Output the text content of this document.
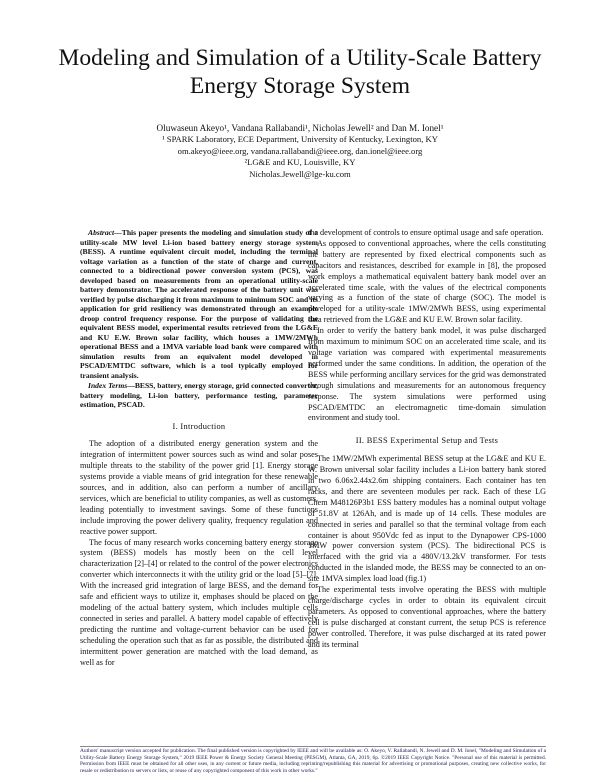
Modeling and Simulation of a Utility-Scale Battery Energy Storage System
Oluwaseun Akeyo¹, Vandana Rallabandi¹, Nicholas Jewell² and Dan M. Ionel¹
¹ SPARK Laboratory, ECE Department, University of Kentucky, Lexington, KY
om.akeyo@ieee.org, vandana.rallabandi@ieee.org, dan.ionel@ieee.org
²LG&E and KU, Louisville, KY
Nicholas.Jewell@lge-ku.com

Abstract—This paper presents the modeling and simulation study of a utility-scale MW level Li-ion based battery energy storage system (BESS). A runtime equivalent circuit model, including the terminal voltage variation as a function of the state of charge and current, connected to a bidirectional power conversion system (PCS), was developed based on measurements from an operational utility-scale battery demonstrator. The accelerated response of the battery unit was verified by pulse discharging it from maximum to minimum SOC and its application for grid resiliency was demonstrated through an example droop control frequency response. For the purpose of validating the equivalent BESS model, experimental results retrieved from the LG&E and KU E.W. Brown solar facility, which houses a 1MW/2MWh operational BESS and a 1MVA variable load bank were compared with simulation results from an equivalent model developed in PSCAD/EMTDC software, which is a tool typically employed for transient analysis.

Index Terms—BESS, battery, energy storage, grid connected converter, battery modeling, Li-ion battery, performance testing, parameter estimation, PSCAD.

I. Introduction

The adoption of a distributed energy generation system and the integration of intermittent power sources such as wind and solar poses multiple threats to the stability of the power grid [1]. Energy storage systems provide a viable means of grid integration for these renewable sources, and in addition, also can perform a number of ancillary services, which are beneficial to utility companies, as well as customers, leading potentially to investment savings. Some of these functions include improving the power delivery quality, frequency regulation and reactive power support.

The focus of many research works concerning battery energy storage system (BESS) models has mostly been on the cell level characterization [2]–[4] or related to the control of the power electronics converter which interconnects it with the utility grid or the load [5]–[7]. With the increased grid integration of large BESS, and the demand for safe and efficient ways to utilize it, emphases should be placed on the modeling of the actual battery system, which includes multiple cells connected in series and parallel. A battery model capable of effectively predicting the runtime and voltage-current behavior can be used for scheduling the operation such that as far as possible, the distributed and intermittent power generation are matched with the load demand, as well as for

the development of controls to ensure optimal usage and safe operation.

As opposed to conventional approaches, where the cells constituting the battery are represented by fixed electrical components such as capacitors and resistances, described for example in [8], the proposed work employs a mathematical equivalent battery bank model over an accelerated time scale, with the values of the electrical components varying as a function of the state of charge (SOC). The model is developed for a utility-scale 1MW/2MWh BESS, using experimental data retrieved from the LG&E and KU E.W. Brown solar facility.

In order to verify the battery bank model, it was pulse discharged from maximum to minimum SOC on an accelerated time scale, and its voltage variation was compared with experimental measurements performed under the same conditions. In addition, the operation of the BESS while performing ancillary services for the grid was demonstrated through simulations and measurements for an autonomous frequency response. The system simulations were performed using PSCAD/EMTDC an electromagnetic time-domain simulation environment and study tool.

II. BESS Experimental Setup and Tests

The 1MW/2MWh experimental BESS setup at the LG&E and KU E. W. Brown universal solar facility includes a Li-ion battery bank stored in two 6.06x2.44x2.6m shipping containers. Each container has ten racks, and there are seventeen modules per rack. Each of these LG Chem M48126P3b1 ESS battery modules has a nominal output voltage of 51.8V at 126Ah, and is made up of 14 cells. These modules are connected in series and parallel so that the terminal voltage from each container is about 950Vdc fed as input to the Dynapower CPS-1000 1MW power conversion system (PCS). The bidirectional PCS is interfaced with the grid via a 480V/13.2kV transformer. For tests conducted in the islanded mode, the BESS may be connected to an on-site 1MVA simplex load load (fig.1)

The experimental tests involve operating the BESS with multiple charge/discharge cycles in order to obtain its equivalent circuit parameters. As opposed to conventional approaches, where the battery cell is pulse discharged at constant current, the setup PCS is reference power controlled. Therefore, it was pulse discharged at its rated power and its terminal

Authors' manuscript version accepted for publication. The final published version is copyrighted by IEEE and will be available as: O. Akeyo, V. Rallabandi, N. Jewell and D. M. Ionel, "Modeling and Simulation of a Utility-Scale Battery Energy Storage System," 2019 IEEE Power & Energy Society General Meeting (PESGM), Atlanta, GA, 2019, 6p. ©2019 IEEE Copyright Notice. "Personal use of this material is permitted. Permission from IEEE must be obtained for all other uses, in any current or future media, including reprinting/republishing this material for advertising or promotional purposes, creating new collective works, for resale or redistribution to servers or lists, or reuse of any copyrighted component of this work in other works."
